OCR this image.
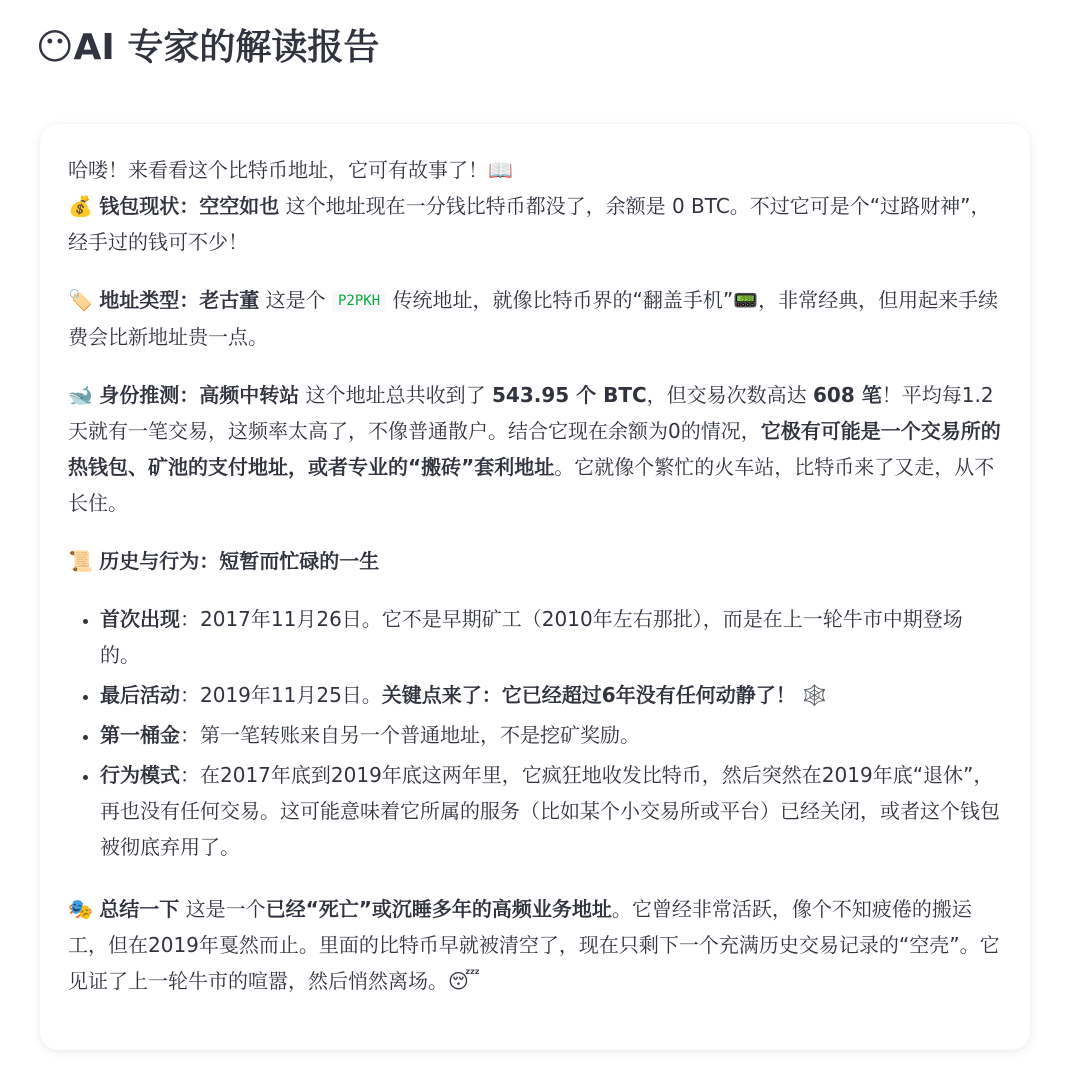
😶AI 专家的解读报告

哈喽！来看看这个比特币地址，它可有故事了！📖
💰 钱包现状：空空如也 这个地址现在一分钱比特币都没了，余额是 0 BTC。不过它可是个“过路财神”，经手过的钱可不少！

🏷️ 地址类型：老古董 这是个 P2PKH 传统地址，就像比特币界的“翻盖手机”📟，非常经典，但用起来手续费会比新地址贵一点。

🐋 身份推测：高频中转站 这个地址总共收到了 543.95 个 BTC，但交易次数高达 608 笔！平均每1.2天就有一笔交易，这频率太高了，不像普通散户。结合它现在余额为0的情况，它极有可能是一个交易所的热钱包、矿池的支付地址，或者专业的“搬砖”套利地址。它就像个繁忙的火车站，比特币来了又走，从不长住。

📜 历史与行为：短暂而忙碌的一生

• 首次出现：2017年11月26日。它不是早期矿工（2010年左右那批），而是在上一轮牛市中期登场的。
• 最后活动：2019年11月25日。关键点来了：它已经超过6年没有任何动静了！ 🕸️
• 第一桶金：第一笔转账来自另一个普通地址，不是挖矿奖励。
• 行为模式：在2017年底到2019年底这两年里，它疯狂地收发比特币，然后突然在2019年底“退休”，再也没有任何交易。这可能意味着它所属的服务（比如某个小交易所或平台）已经关闭，或者这个钱包被彻底弃用了。

🎭 总结一下 这是一个已经“死亡”或沉睡多年的高频业务地址。它曾经非常活跃，像个不知疲倦的搬运工，但在2019年戛然而止。里面的比特币早就被清空了，现在只剩下一个充满历史交易记录的“空壳”。它见证了上一轮牛市的喧嚣，然后悄然离场。😴
